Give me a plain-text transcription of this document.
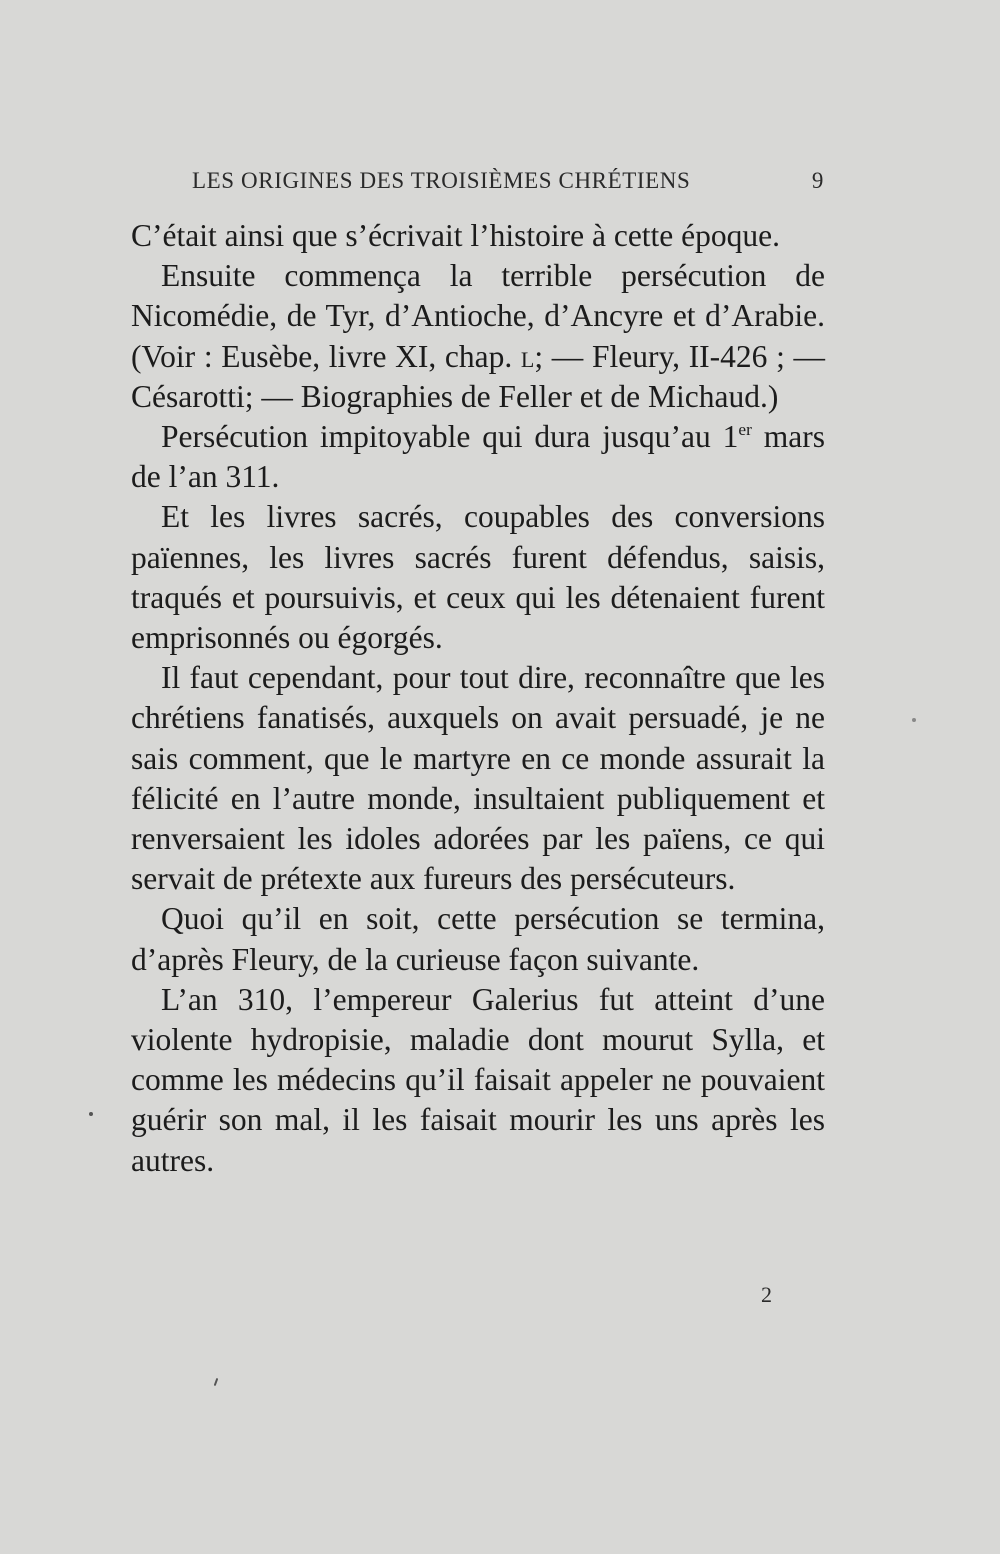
LES ORIGINES DES TROISIÈMES CHRÉTIENS	9

C’était ainsi que s’écrivait l’histoire à cette époque.

Ensuite commença la terrible persécution de Nicomédie, de Tyr, d’Antioche, d’Ancyre et d’Arabie. (Voir : Eusèbe, livre XI, chap. l; — Fleury, II-426 ; — Césarotti; — Biographies de Feller et de Michaud.)

Persécution impitoyable qui dura jusqu’au 1er mars de l’an 311.

Et les livres sacrés, coupables des conversions païennes, les livres sacrés furent défendus, saisis, traqués et poursuivis, et ceux qui les détenaient furent emprisonnés ou égorgés.

Il faut cependant, pour tout dire, reconnaître que les chrétiens fanatisés, auxquels on avait persuadé, je ne sais comment, que le martyre en ce monde assurait la félicité en l’autre monde, insultaient publiquement et renversaient les idoles adorées par les païens, ce qui servait de prétexte aux fureurs des persécuteurs.

Quoi qu’il en soit, cette persécution se termina, d’après Fleury, de la curieuse façon suivante.

L’an 310, l’empereur Galerius fut atteint d’une violente hydropisie, maladie dont mourut Sylla, et comme les médecins qu’il faisait appeler ne pouvaient guérir son mal, il les faisait mourir les uns après les autres.

2
